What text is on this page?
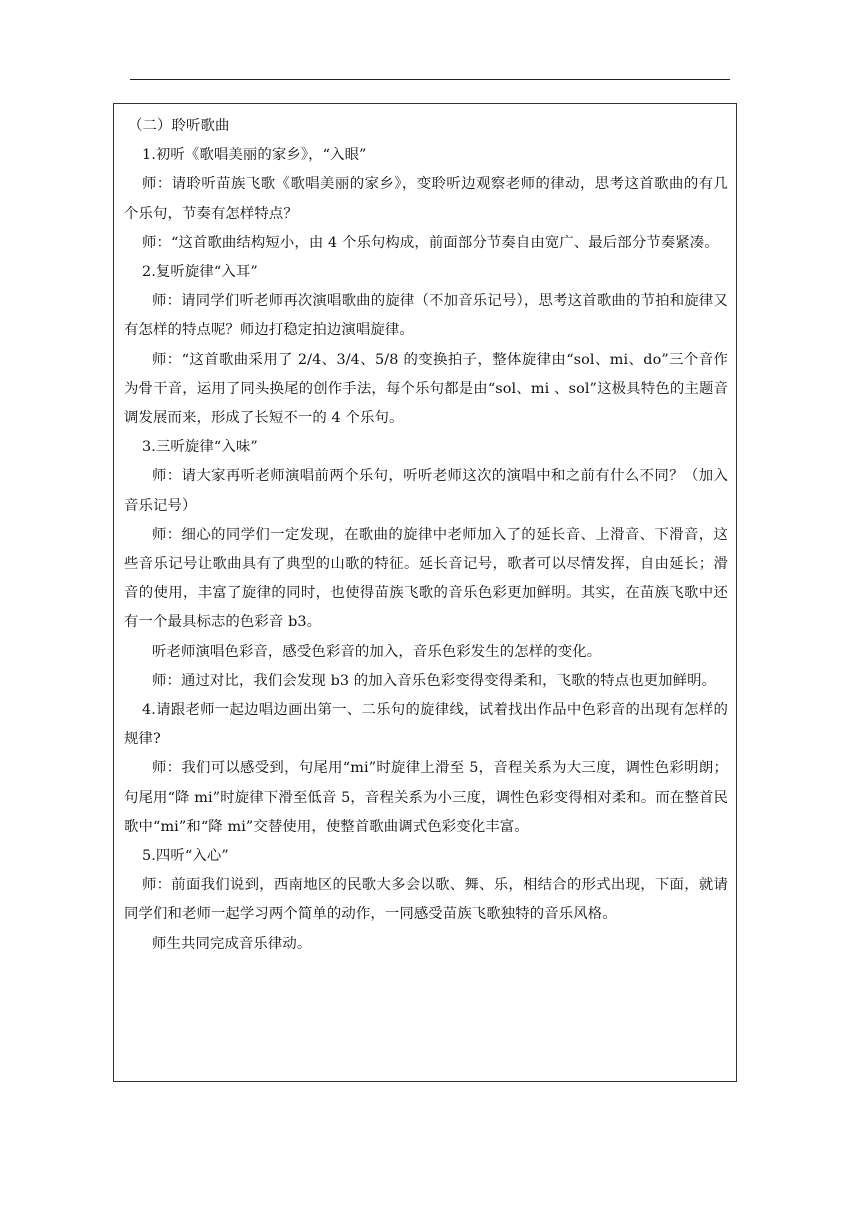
（二）聆听歌曲

1.初听《歌唱美丽的家乡》，“入眼”

师：请聆听苗族飞歌《歌唱美丽的家乡》，变聆听边观察老师的律动，思考这首歌曲的有几个乐句，节奏有怎样特点？

师：“这首歌曲结构短小，由 4 个乐句构成，前面部分节奏自由宽广、最后部分节奏紧凑。

2.复听旋律“入耳”

师：请同学们听老师再次演唱歌曲的旋律（不加音乐记号），思考这首歌曲的节拍和旋律又有怎样的特点呢？师边打稳定拍边演唱旋律。

师：“这首歌曲采用了 2/4、3/4、5/8 的变换拍子，整体旋律由“sol、mi、do”三个音作为骨干音，运用了同头换尾的创作手法，每个乐句都是由“sol、mi 、sol”这极具特色的主题音调发展而来，形成了长短不一的 4 个乐句。

3.三听旋律“入味”

师：请大家再听老师演唱前两个乐句，听听老师这次的演唱中和之前有什么不同？（加入音乐记号）

师：细心的同学们一定发现，在歌曲的旋律中老师加入了的延长音、上滑音、下滑音，这些音乐记号让歌曲具有了典型的山歌的特征。延长音记号，歌者可以尽情发挥，自由延长；滑音的使用，丰富了旋律的同时，也使得苗族飞歌的音乐色彩更加鲜明。其实，在苗族飞歌中还有一个最具标志的色彩音 b3。

听老师演唱色彩音，感受色彩音的加入，音乐色彩发生的怎样的变化。

师：通过对比，我们会发现 b3 的加入音乐色彩变得变得柔和，飞歌的特点也更加鲜明。

4.请跟老师一起边唱边画出第一、二乐句的旋律线，试着找出作品中色彩音的出现有怎样的规律?

师：我们可以感受到，句尾用“mi”时旋律上滑至 5，音程关系为大三度，调性色彩明朗；句尾用“降 mi”时旋律下滑至低音 5，音程关系为小三度，调性色彩变得相对柔和。而在整首民歌中“mi”和“降 mi”交替使用，使整首歌曲调式色彩变化丰富。

5.四听“入心”

师：前面我们说到，西南地区的民歌大多会以歌、舞、乐，相结合的形式出现，下面，就请同学们和老师一起学习两个简单的动作，一同感受苗族飞歌独特的音乐风格。

师生共同完成音乐律动。
